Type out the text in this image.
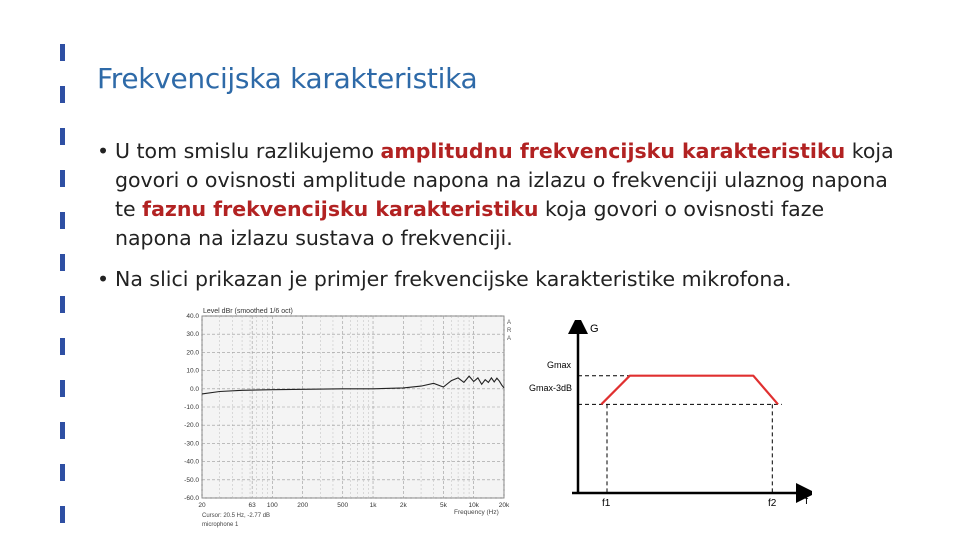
Frekvencijska karakteristika
• U tom smislu razlikujemo amplitudnu frekvencijsku karakteristiku koja govori o ovisnosti amplitude napona na izlazu o frekvenciji ulaznog napona te faznu frekvencijsku karakteristiku koja govori o ovisnosti faze napona na izlazu sustava o frekvenciji.
• Na slici prikazan je primjer frekvencijske karakteristike mikrofona.
20	63 100	200	500	1k	2k	5k	10k	20k
40.0
30.0
20.0
10.0
0.0
-10.0
-20.0
-30.0
-40.0
-50.0
-60.0
Level dBr (smoothed 1/6 oct)
Frequency (Hz)
Cursor: 20.5 Hz, -2.77 dB
microphone 1
A
R
A
G
f
Gmax
Gmax-3dB
f1	f2
